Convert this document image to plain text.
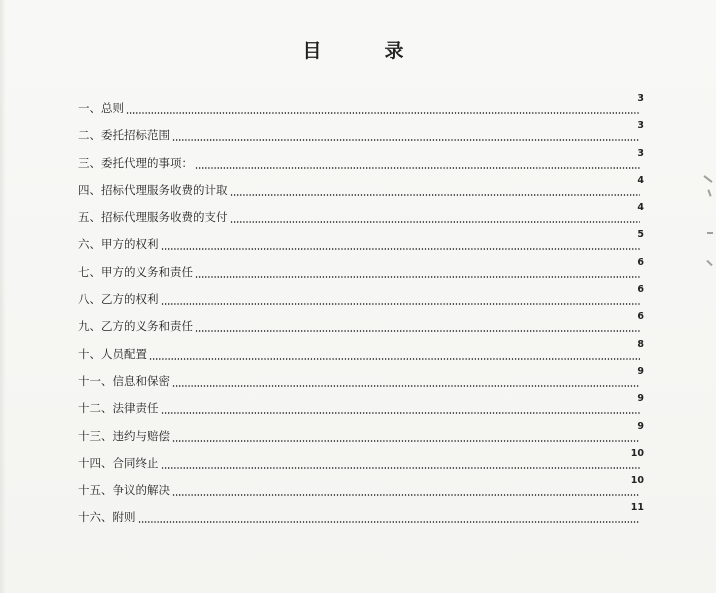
目　录
一、总则
3
二、委托招标范围
3
三、委托代理的事项：
3
四、招标代理服务收费的计取
4
五、招标代理服务收费的支付
4
六、甲方的权利
5
七、甲方的义务和责任
6
八、乙方的权利
6
九、乙方的义务和责任
6
十、人员配置
8
十一、信息和保密
9
十二、法律责任
9
十三、违约与赔偿
9
十四、合同终止
10
十五、争议的解决
10
十六、附则
11
